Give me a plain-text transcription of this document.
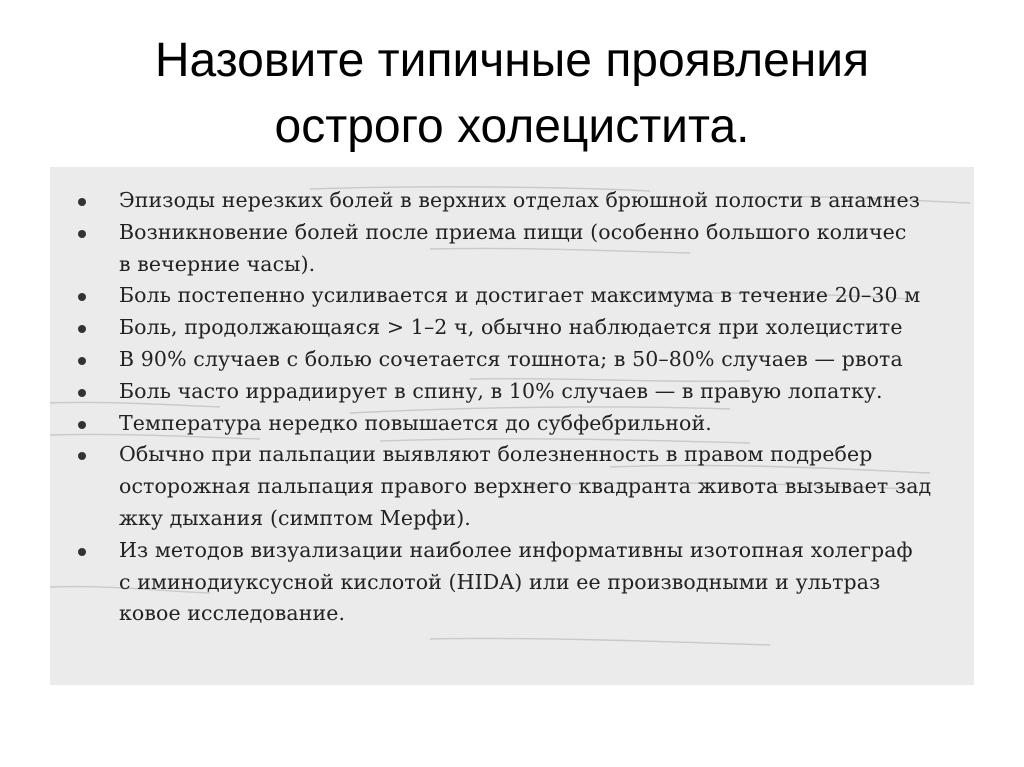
Назовите типичные проявления
острого холецистита.
Эпизоды нерезких болей в верхних отделах брюшной полости в анамнез
Возникновение болей после приема пищи (особенно большого количес
в вечерние часы).
Боль постепенно усиливается и достигает максимума в течение 20–30 м
Боль, продолжающаяся > 1–2 ч, обычно наблюдается при холецистите
В 90% случаев с болью сочетается тошнота; в 50–80% случаев — рвота
Боль часто иррадиирует в спину, в 10% случаев — в правую лопатку.
Температура нередко повышается до субфебрильной.
Обычно при пальпации выявляют болезненность в правом подребер
осторожная пальпация правого верхнего квадранта живота вызывает зад
жку дыхания (симптом Мерфи).
Из методов визуализации наиболее информативны изотопная холеграф
с иминодиуксусной кислотой (HIDA) или ее производными и ультраз
ковое исследование.
